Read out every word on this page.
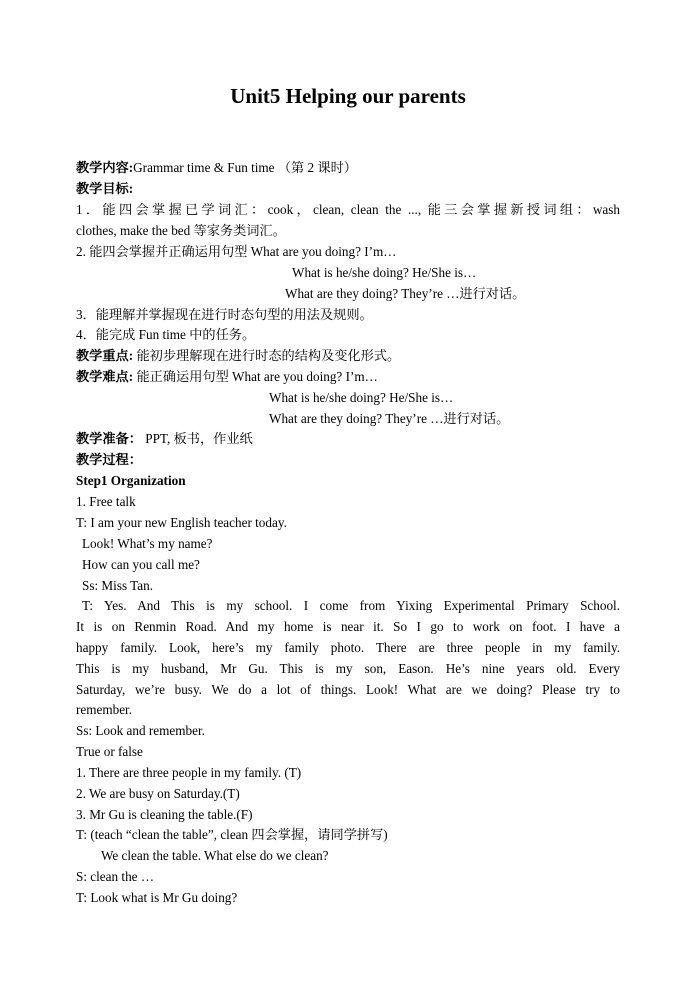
Unit5 Helping our parents
教学内容:Grammar time & Fun time （第 2 课时）
教学目标:
1．能四会掌握已学词汇：cook，clean, clean the ..., 能三会掌握新授词组：wash
clothes, make the bed 等家务类词汇。
2. 能四会掌握并正确运用句型 What are you doing? I’m…
What is he/she doing? He/She is…
What are they doing? They’re …进行对话。
3．能理解并掌握现在进行时态句型的用法及规则。
4．能完成 Fun time 中的任务。
教学重点: 能初步理解现在进行时态的结构及变化形式。
教学难点: 能正确运用句型 What are you doing? I’m…
What is he/she doing? He/She is…
What are they doing? They’re …进行对话。
教学准备： PPT, 板书，作业纸
教学过程：
Step1 Organization
1. Free talk
T: I am your new English teacher today.
Look! What’s my name?
How can you call me?
Ss: Miss Tan.
T: Yes. And This is my school. I come from Yixing Experimental Primary School.
It is on Renmin Road. And my home is near it. So I go to work on foot. I have a
happy family. Look, here’s my family photo. There are three people in my family.
This is my husband, Mr Gu. This is my son, Eason. He’s nine years old. Every
Saturday, we’re busy. We do a lot of things. Look! What are we doing? Please try to
remember.
Ss: Look and remember.
True or false
1. There are three people in my family. (T)
2. We are busy on Saturday.(T)
3. Mr Gu is cleaning the table.(F)
T: (teach “clean the table”, clean 四会掌握，请同学拼写)
We clean the table. What else do we clean?
S: clean the …
T: Look what is Mr Gu doing?
